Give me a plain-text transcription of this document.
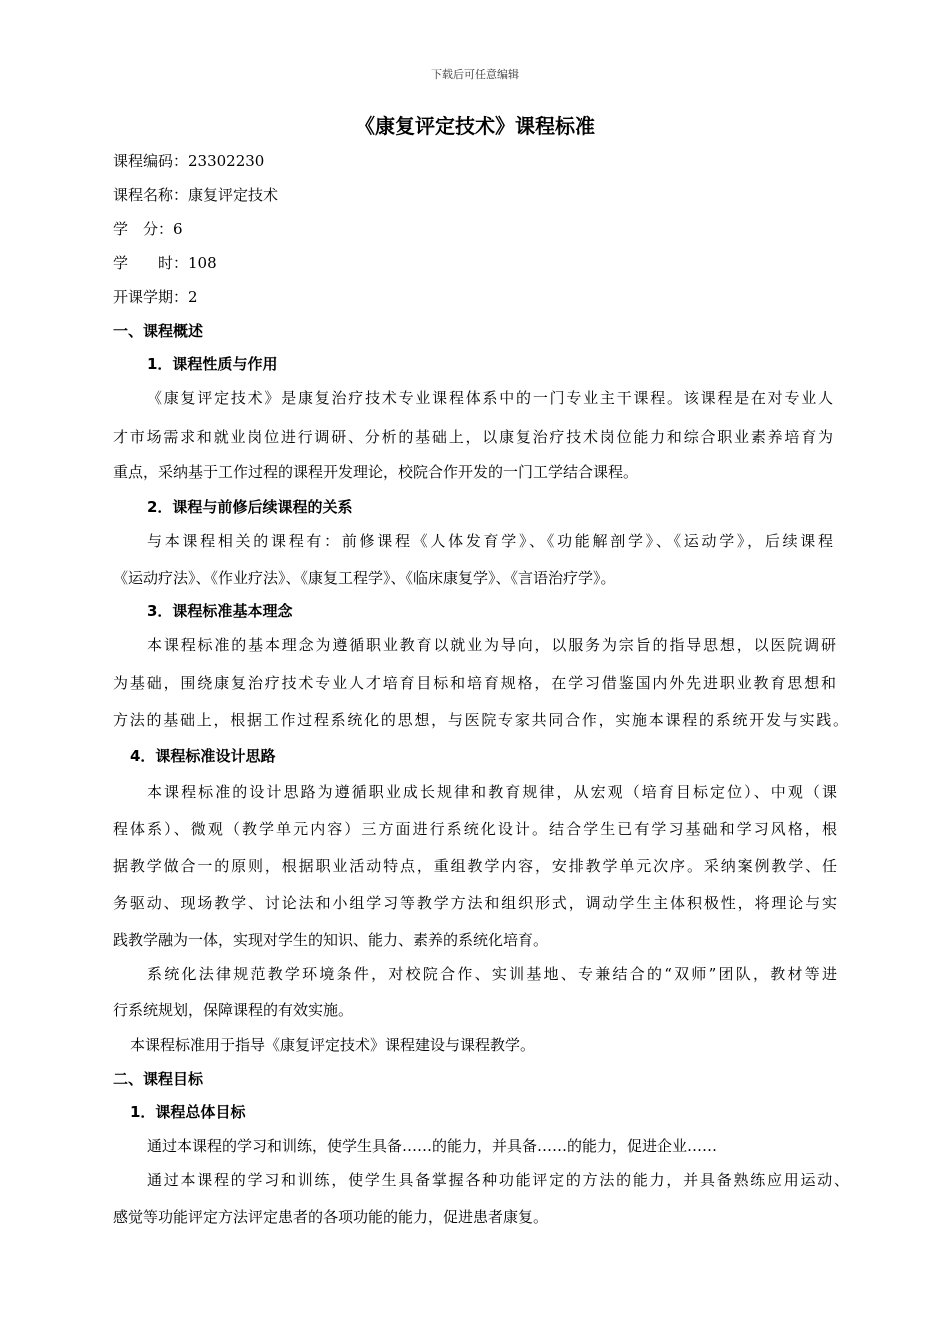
下载后可任意编辑
《康复评定技术》课程标准
课程编码：23302230
课程名称：康复评定技术
学　分：6
学　　时：108
开课学期：2
一、课程概述
1．课程性质与作用
《康复评定技术》是康复治疗技术专业课程体系中的一门专业主干课程。该课程是在对专业人
才市场需求和就业岗位进行调研、分析的基础上，以康复治疗技术岗位能力和综合职业素养培育为
重点，采纳基于工作过程的课程开发理论，校院合作开发的一门工学结合课程。
2．课程与前修后续课程的关系
与本课程相关的课程有：前修课程《人体发育学》、《功能解剖学》、《运动学》，后续课程
《运动疗法》、《作业疗法》、《康复工程学》、《临床康复学》、《言语治疗学》。
3．课程标准基本理念
本课程标准的基本理念为遵循职业教育以就业为导向，以服务为宗旨的指导思想，以医院调研
为基础，围绕康复治疗技术专业人才培育目标和培育规格，在学习借鉴国内外先进职业教育思想和
方法的基础上，根据工作过程系统化的思想，与医院专家共同合作，实施本课程的系统开发与实践。
4．课程标准设计思路
本课程标准的设计思路为遵循职业成长规律和教育规律，从宏观（培育目标定位）、中观（课
程体系）、微观（教学单元内容）三方面进行系统化设计。结合学生已有学习基础和学习风格，根
据教学做合一的原则，根据职业活动特点，重组教学内容，安排教学单元次序。采纳案例教学、任
务驱动、现场教学、讨论法和小组学习等教学方法和组织形式，调动学生主体积极性，将理论与实
践教学融为一体，实现对学生的知识、能力、素养的系统化培育。
系统化法律规范教学环境条件，对校院合作、实训基地、专兼结合的“双师”团队，教材等进
行系统规划，保障课程的有效实施。
本课程标准用于指导《康复评定技术》课程建设与课程教学。
二、课程目标
1．课程总体目标
通过本课程的学习和训练，使学生具备……的能力，并具备……的能力，促进企业……
通过本课程的学习和训练，使学生具备掌握各种功能评定的方法的能力，并具备熟练应用运动、
感觉等功能评定方法评定患者的各项功能的能力，促进患者康复。
